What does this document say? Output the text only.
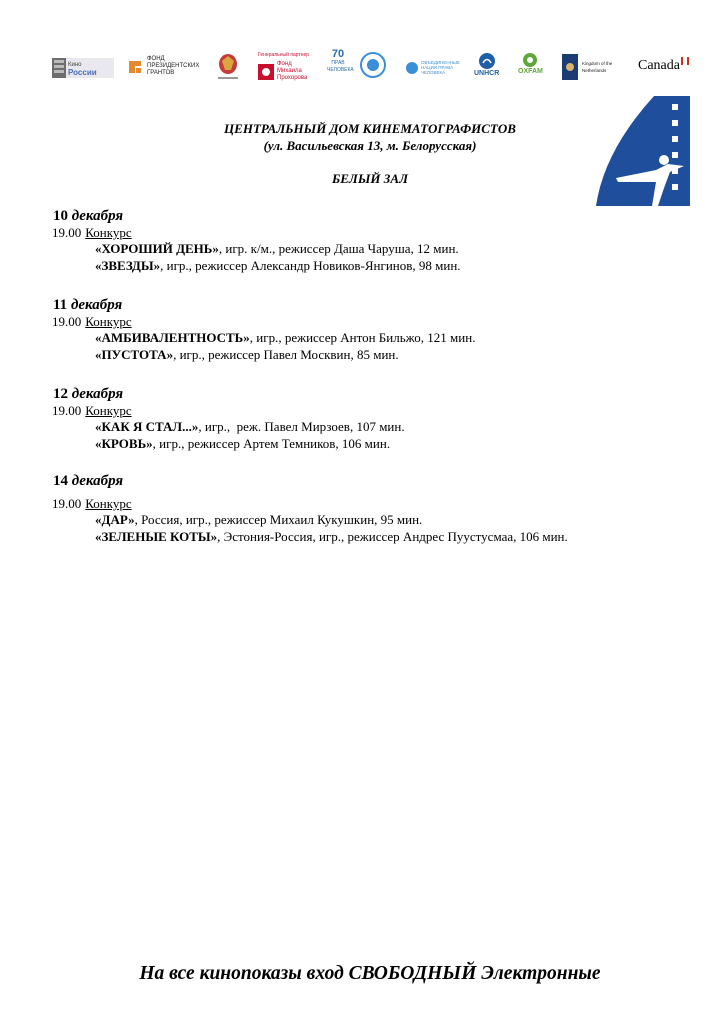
Кино
России
ФОНД ПРЕЗИДЕНТСКИХ ГРАНТОВ
Генеральный партнер
Фонд Михаила Прохорова
70
ПРАВ ЧЕЛОВЕКА
ОБЪЕДИНЕННЫЕ НАЦИИ ПРАВА ЧЕЛОВЕКА	UNHCR	OXFAM
Kingdom of the Netherlands	Canada
ЦЕНТРАЛЬНЫЙ ДОМ КИНЕМАТОГРАФИСТОВ
(ул. Васильевская 13, м. Белорусская)
БЕЛЫЙ ЗАЛ
10 декабря
19.00 Конкурс
«ХОРОШИЙ ДЕНЬ», игр. к/м., режиссер Даша Чаруша, 12 мин.
«ЗВЕЗДЫ», игр., режиссер Александр Новиков-Янгинов, 98 мин.
11 декабря
19.00 Конкурс
«АМБИВАЛЕНТНОСТЬ», игр., режиссер Антон Бильжо, 121 мин.
«ПУСТОТА», игр., режиссер Павел Москвин, 85 мин.
12 декабря
19.00 Конкурс
«КАК Я СТАЛ...», игр.,  реж. Павел Мирзоев, 107 мин.
«КРОВЬ», игр., режиссер Артем Темников, 106 мин.
14 декабря
19.00 Конкурс
«ДАР», Россия, игр., режиссер Михаил Кукушкин, 95 мин.
«ЗЕЛЕНЫЕ КОТЫ», Эстония-Россия, игр., режиссер Андрес Пуустусмаа, 106 мин.
На все кинопоказы вход СВОБОДНЫЙ Электронные
